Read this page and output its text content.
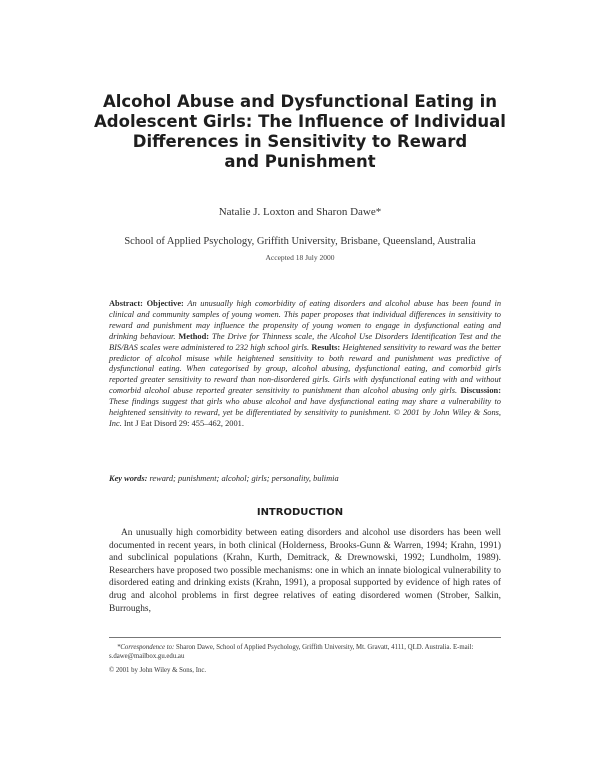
Alcohol Abuse and Dysfunctional Eating in
Adolescent Girls: The Influence of Individual
Differences in Sensitivity to Reward
and Punishment
Natalie J. Loxton and Sharon Dawe*
School of Applied Psychology, Griffith University, Brisbane, Queensland, Australia
Accepted 18 July 2000

Abstract: Objective: An unusually high comorbidity of eating disorders and alcohol abuse has been found in clinical and community samples of young women. This paper proposes that individual differences in sensitivity to reward and punishment may influence the propensity of young women to engage in dysfunctional eating and drinking behaviour. Method: The Drive for Thinness scale, the Alcohol Use Disorders Identification Test and the BIS/BAS scales were administered to 232 high school girls. Results: Heightened sensitivity to reward was the better predictor of alcohol misuse while heightened sensitivity to both reward and punishment was predictive of dysfunctional eating. When categorised by group, alcohol abusing, dysfunctional eating, and comorbid girls reported greater sensitivity to reward than non-disordered girls. Girls with dysfunctional eating with and without comorbid alcohol abuse reported greater sensitivity to punishment than alcohol abusing only girls. Discussion: These findings suggest that girls who abuse alcohol and have dysfunctional eating may share a vulnerability to heightened sensitivity to reward, yet be differentiated by sensitivity to punishment. © 2001 by John Wiley & Sons, Inc. Int J Eat Disord 29: 455–462, 2001.

Key words: reward; punishment; alcohol; girls; personality, bulimia
INTRODUCTION

An unusually high comorbidity between eating disorders and alcohol use disorders has been well documented in recent years, in both clinical (Holderness, Brooks-Gunn & Warren, 1994; Krahn, 1991) and subclinical populations (Krahn, Kurth, Demitrack, & Drewnowski, 1992; Lundholm, 1989). Researchers have proposed two possible mechanisms: one in which an innate biological vulnerability to disordered eating and drinking exists (Krahn, 1991), a proposal supported by evidence of high rates of drug and alcohol problems in first degree relatives of eating disordered women (Strober, Salkin, Burroughs,

*Correspondence to: Sharon Dawe, School of Applied Psychology, Griffith University, Mt. Gravatt, 4111, QLD. Australia. E-mail: s.dawe@mailbox.gu.edu.au

© 2001 by John Wiley & Sons, Inc.
